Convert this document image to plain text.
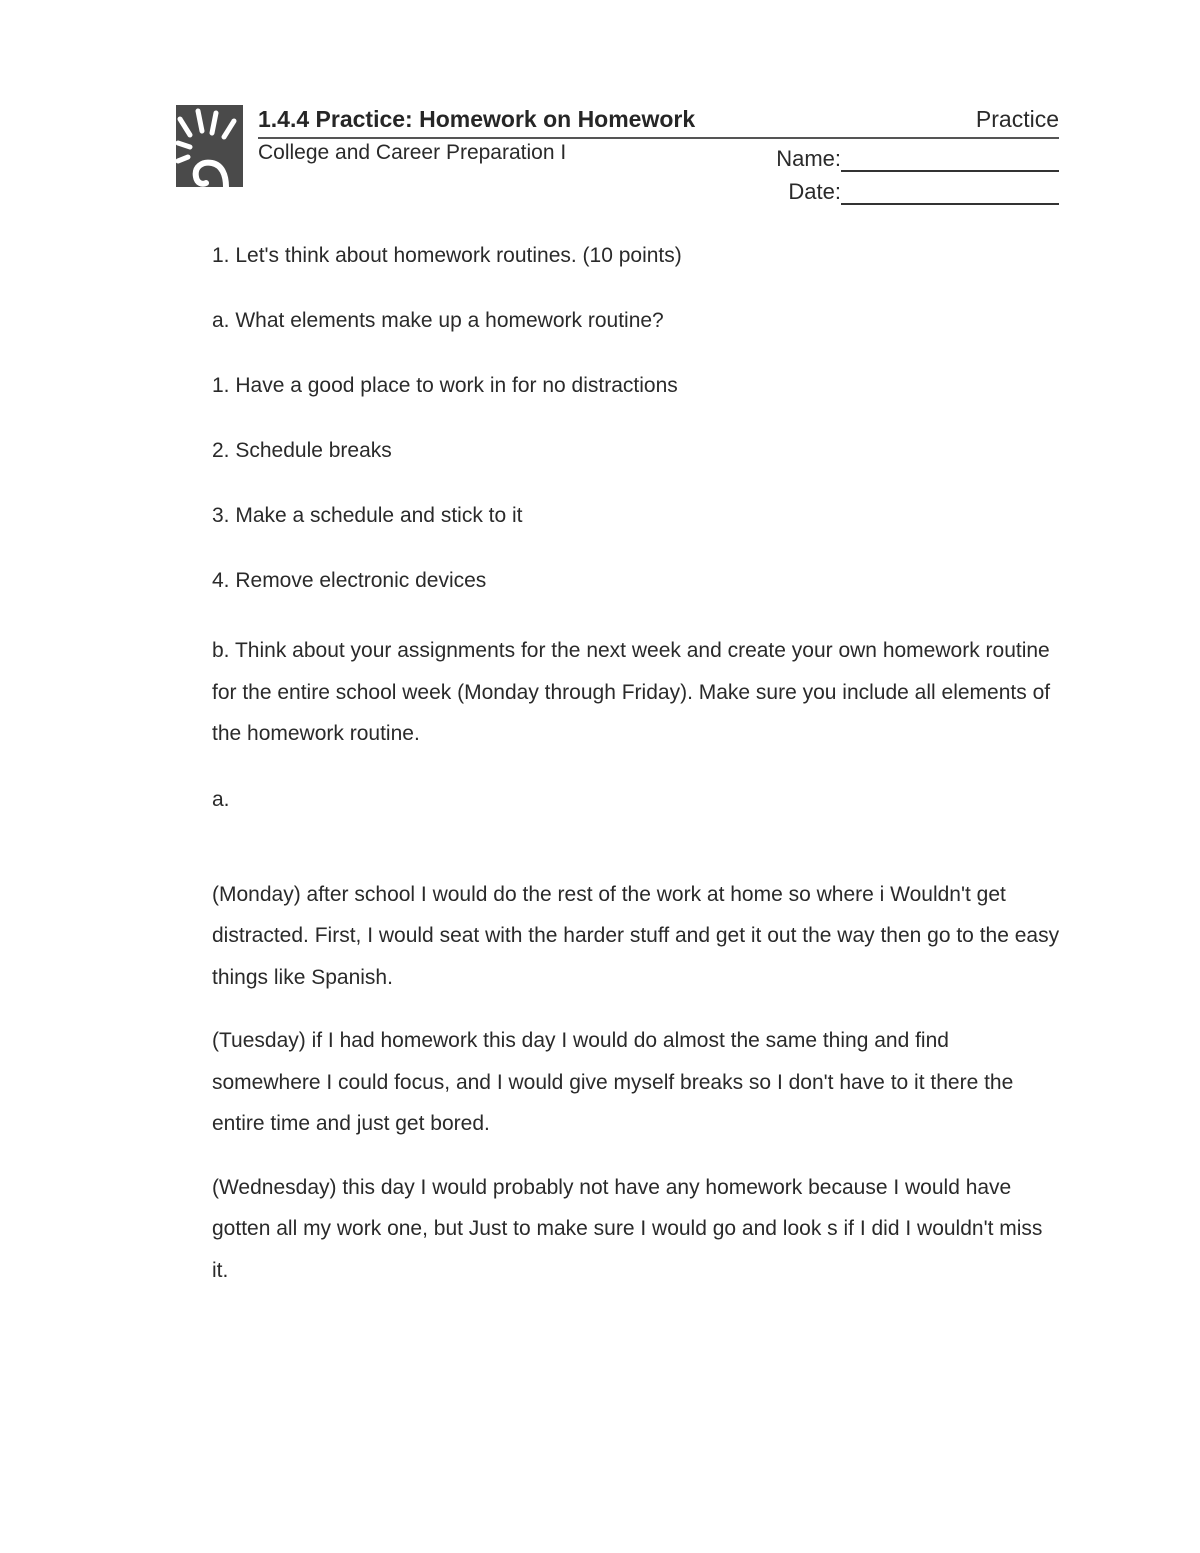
1.4.4 Practice: Homework on Homework	Practice
College and Career Preparation I	Name:
Date:

1. Let's think about homework routines. (10 points)

a. What elements make up a homework routine?

1. Have a good place to work in for no distractions

2. Schedule breaks

3. Make a schedule and stick to it

4. Remove electronic devices

b. Think about your assignments for the next week and create your own homework routine for the entire school week (Monday through Friday). Make sure you include all elements of the homework routine.

a.

(Monday) after school I would do the rest of the work at home so where i Wouldn't get distracted. First, I would seat with the harder stuff and get it out the way then go to the easy things like Spanish.

(Tuesday) if I had homework this day I would do almost the same thing and find somewhere I could focus, and I would give myself breaks so I don't have to it there the entire time and just get bored.

(Wednesday) this day I would probably not have any homework because I would have gotten all my work one, but Just to make sure I would go and look s if I did I wouldn't miss it.
